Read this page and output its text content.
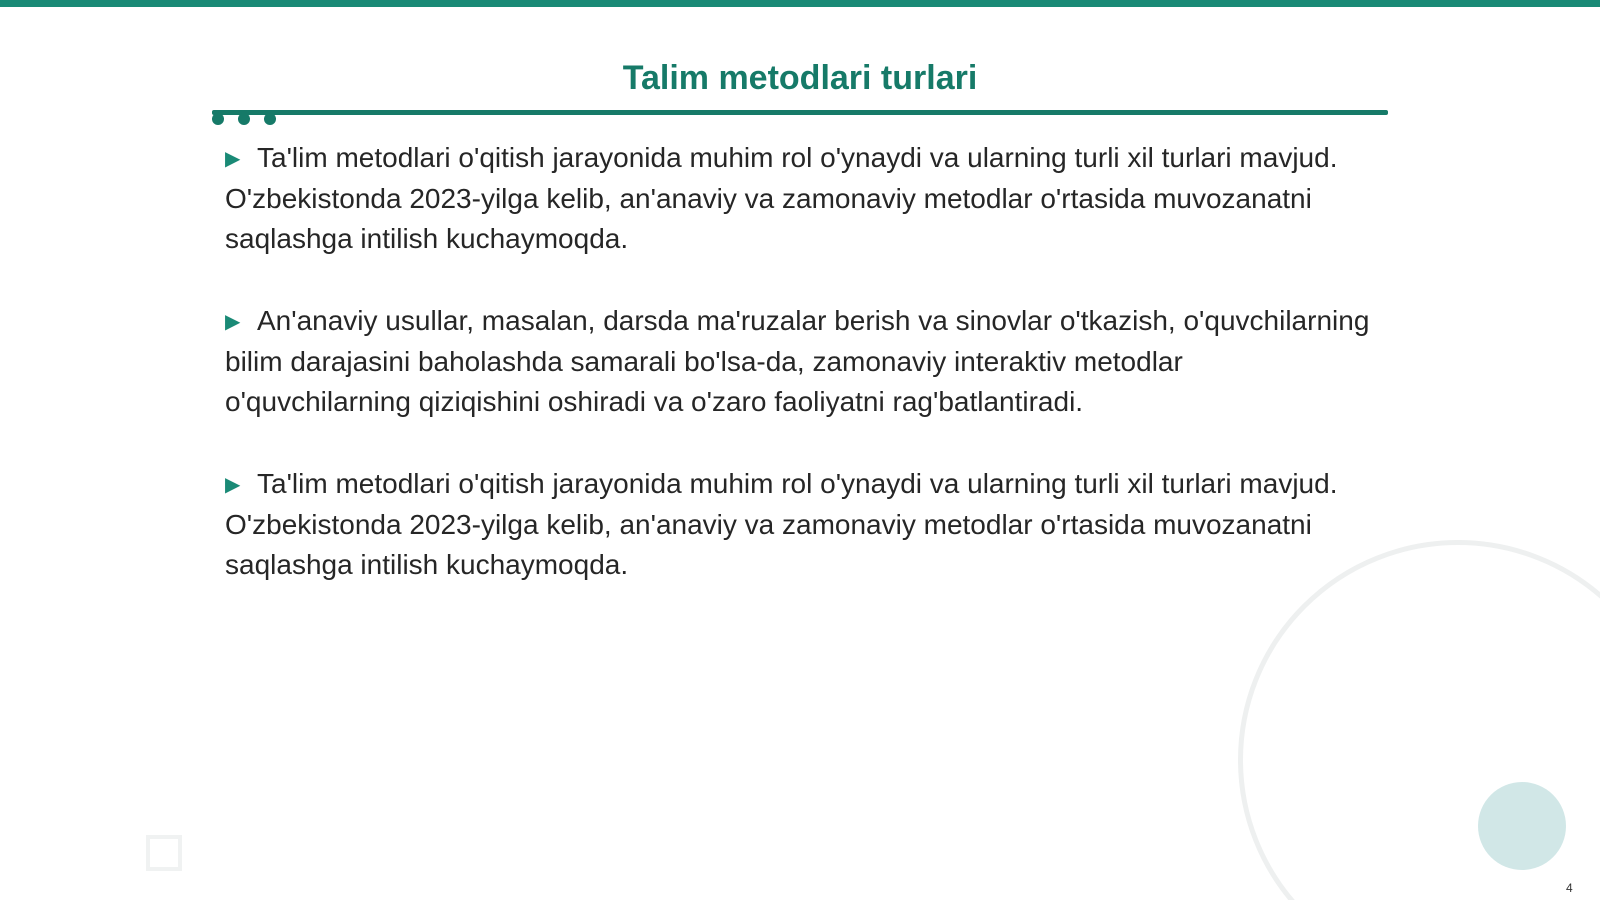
Talim metodlari turlari

▶ Ta'lim metodlari o'qitish jarayonida muhim rol o'ynaydi va ularning turli xil turlari mavjud. O'zbekistonda 2023-yilga kelib, an'anaviy va zamonaviy metodlar o'rtasida muvozanatni saqlashga intilish kuchaymoqda.

▶ An'anaviy usullar, masalan, darsda ma'ruzalar berish va sinovlar o'tkazish, o'quvchilarning bilim darajasini baholashda samarali bo'lsa-da, zamonaviy interaktiv metodlar o'quvchilarning qiziqishini oshiradi va o'zaro faoliyatni rag'batlantiradi.

▶ Ta'lim metodlari o'qitish jarayonida muhim rol o'ynaydi va ularning turli xil turlari mavjud. O'zbekistonda 2023-yilga kelib, an'anaviy va zamonaviy metodlar o'rtasida muvozanatni saqlashga intilish kuchaymoqda.

4
